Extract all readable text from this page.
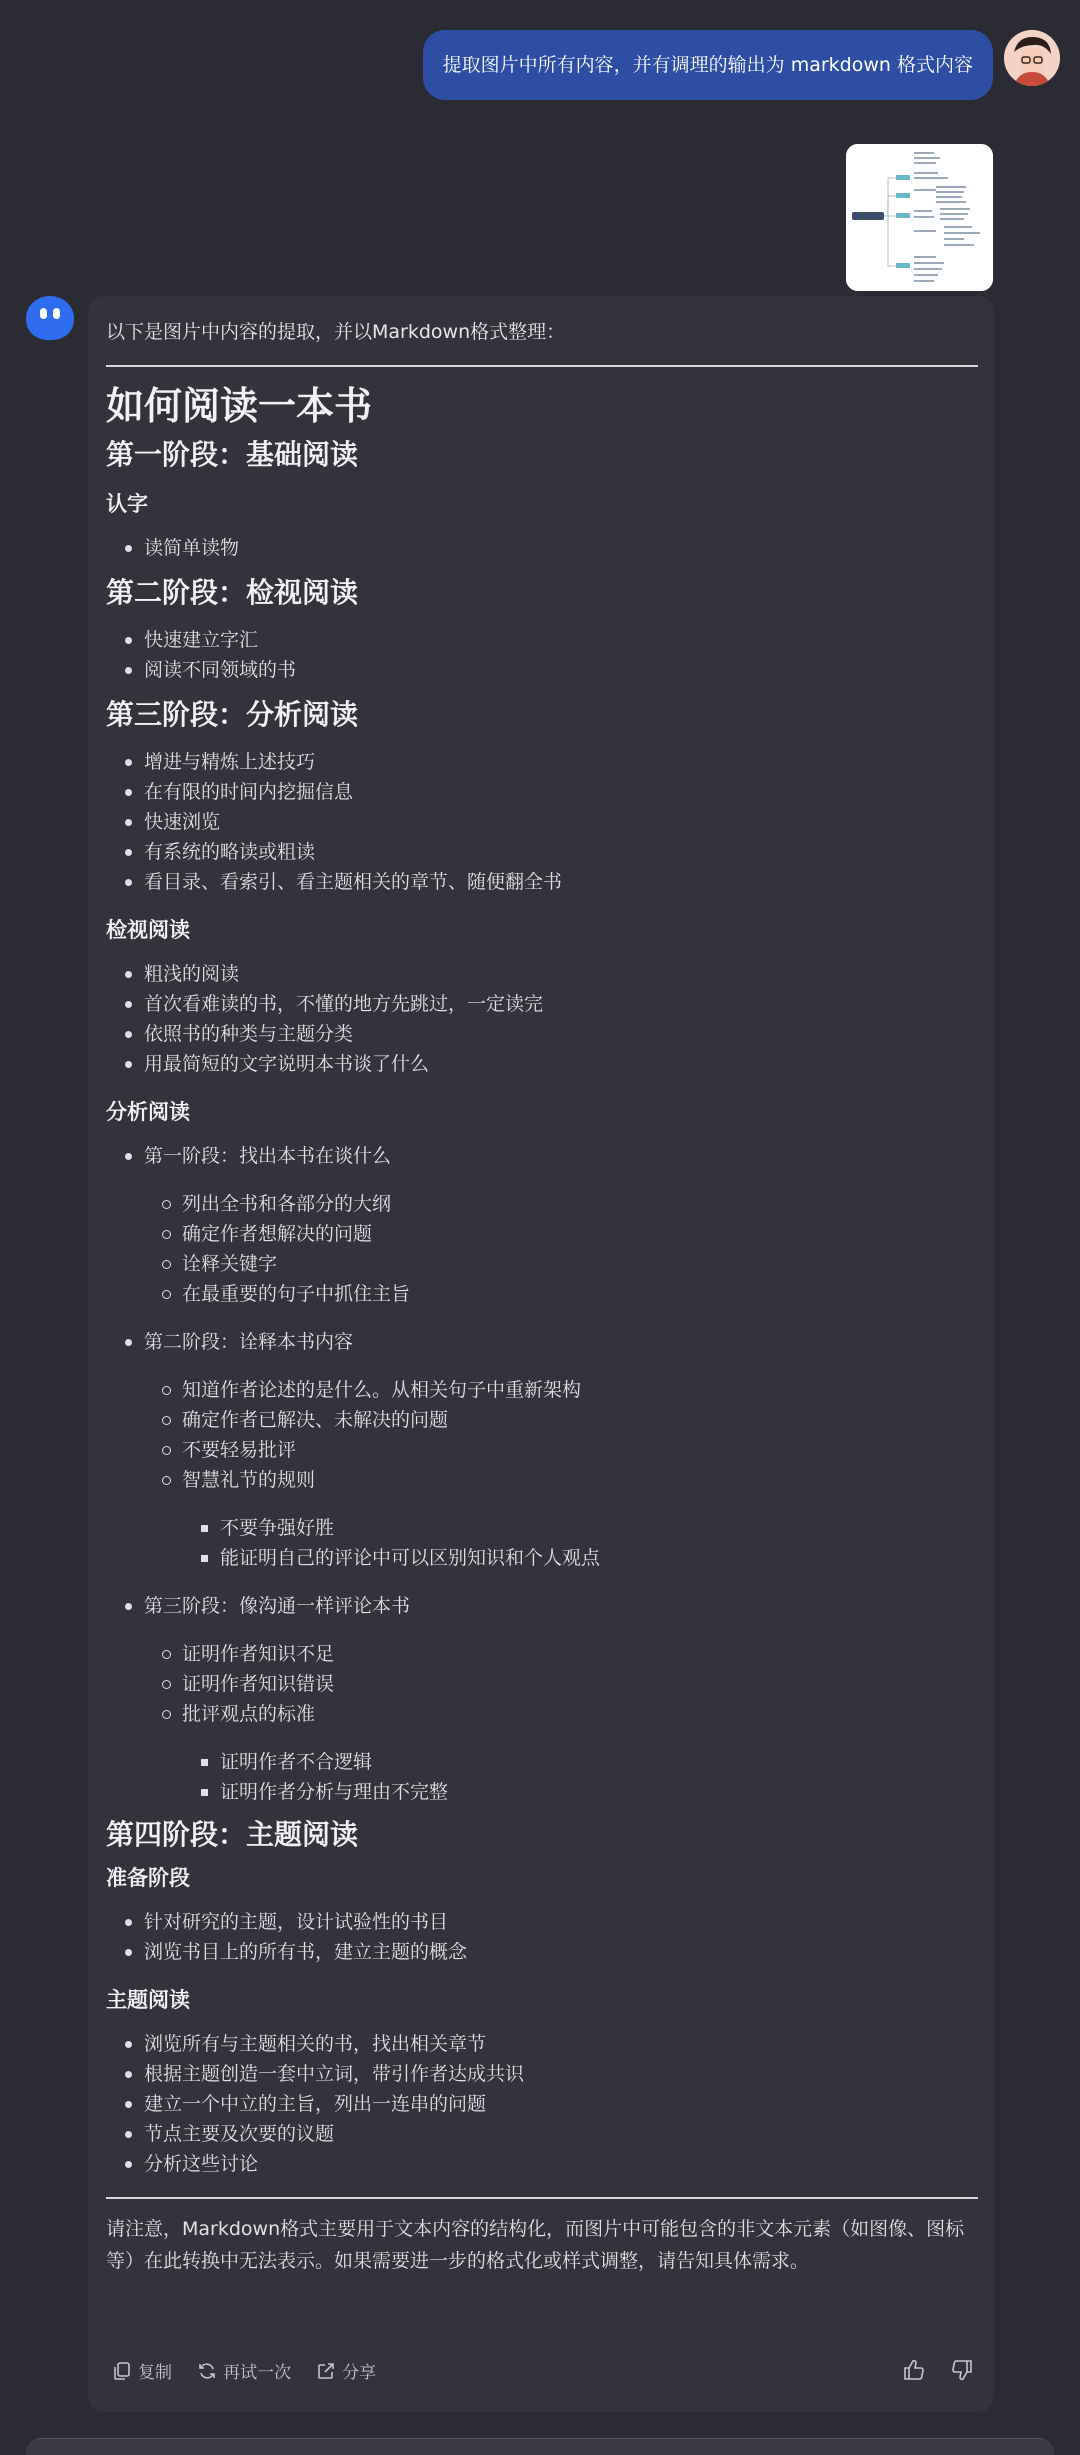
提取图片中所有内容，并有调理的输出为 markdown 格式内容
以下是图片中内容的提取，并以Markdown格式整理：
如何阅读一本书
第一阶段：基础阅读
认字
读简单读物
第二阶段：检视阅读
快速建立字汇
阅读不同领域的书
第三阶段：分析阅读
增进与精炼上述技巧
在有限的时间内挖掘信息
快速浏览
有系统的略读或粗读
看目录、看索引、看主题相关的章节、随便翻全书
检视阅读
粗浅的阅读
首次看难读的书，不懂的地方先跳过，一定读完
依照书的种类与主题分类
用最简短的文字说明本书谈了什么
分析阅读
第一阶段：找出本书在谈什么
列出全书和各部分的大纲
确定作者想解决的问题
诠释关键字
在最重要的句子中抓住主旨
第二阶段：诠释本书内容
知道作者论述的是什么。从相关句子中重新架构
确定作者已解决、未解决的问题
不要轻易批评
智慧礼节的规则
不要争强好胜
能证明自己的评论中可以区别知识和个人观点
第三阶段：像沟通一样评论本书
证明作者知识不足
证明作者知识错误
批评观点的标准
证明作者不合逻辑
证明作者分析与理由不完整
第四阶段：主题阅读
准备阶段
针对研究的主题，设计试验性的书目
浏览书目上的所有书，建立主题的概念
主题阅读
浏览所有与主题相关的书，找出相关章节
根据主题创造一套中立词，带引作者达成共识
建立一个中立的主旨，列出一连串的问题
节点主要及次要的议题
分析这些讨论
请注意，Markdown格式主要用于文本内容的结构化，而图片中可能包含的非文本元素（如图像、图标等）在此转换中无法表示。如果需要进一步的格式化或样式调整，请告知具体需求。
复制
	再试一次
	分享
